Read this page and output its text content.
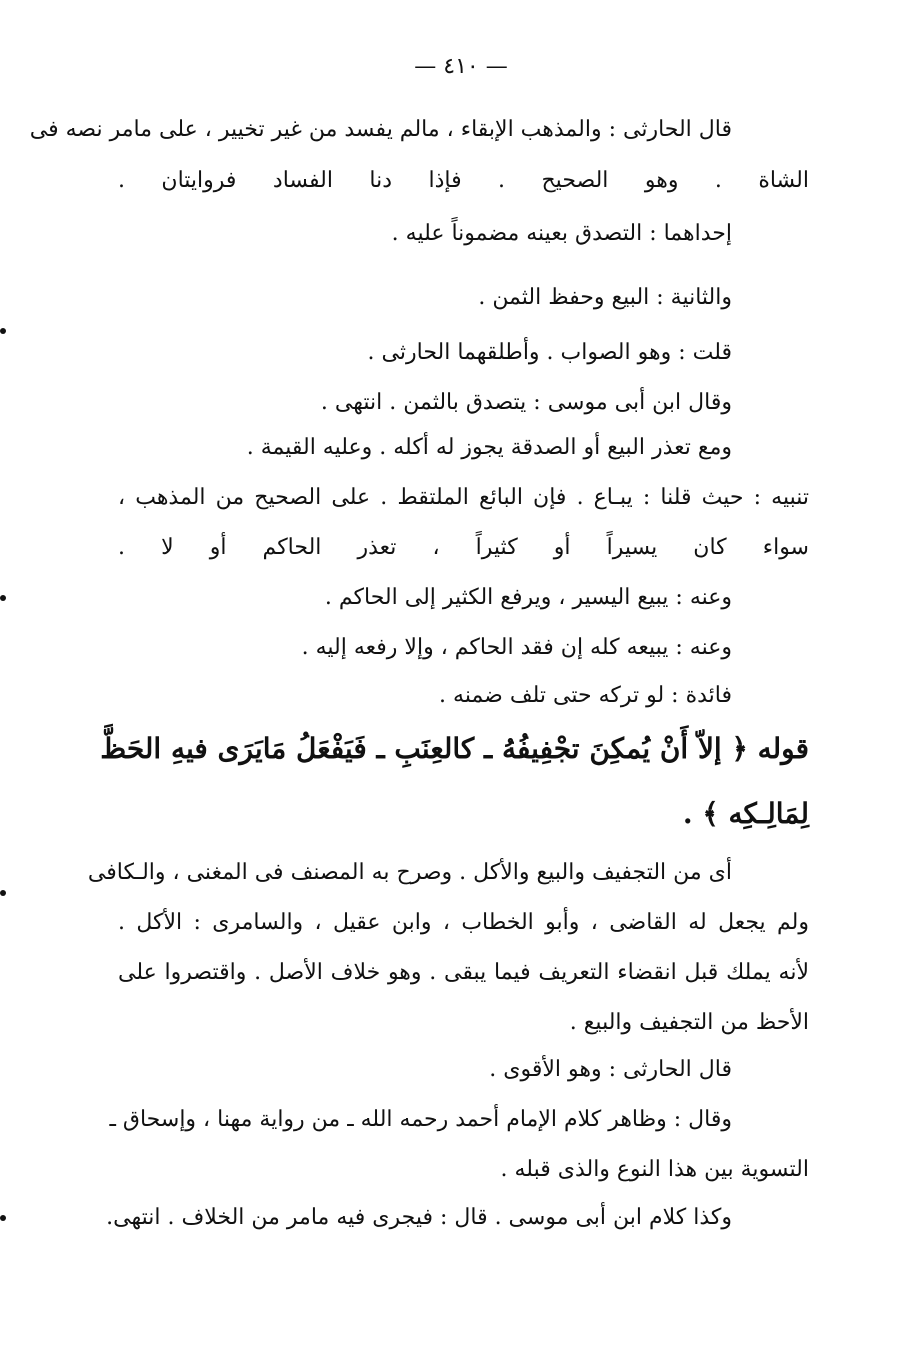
— ٤١٠ —
قال الحارثى : والمذهب الإبقاء ، مالم يفسد من غير تخيير ، على مامر نصه فى
الشاة . وهو الصحيح . فإذا دنا الفساد فروايتان .
إحداهما : التصدق بعينه مضموناً عليه .
والثانية : البيع وحفظ الثمن .
قلت : وهو الصواب . وأطلقهما الحارثى .
وقال ابن أبى موسى : يتصدق بالثمن . انتهى .
ومع تعذر البيع أو الصدقة يجوز له أكله . وعليه القيمة .
تنبيه : حيث قلنا : يبـاع . فإن البائع الملتقط . على الصحيح من المذهب ،
سواء كان يسيراً أو كثيراً ، تعذر الحاكم أو لا .
وعنه : يبيع اليسير ، ويرفع الكثير إلى الحاكم .
وعنه : يبيعه كله إن فقد الحاكم ، وإلا رفعه إليه .
فائدة : لو تركه حتى تلف ضمنه .
قوله ﴿ إلاّ أَنْ يُمكِنَ تجْفِيفُهُ ـ كالعِنَبِ ـ فَيَفْعَلُ مَايَرَى فيهِ الحَظَّ
لِمَالِـكِه ﴾ .
أى من التجفيف والبيع والأكل . وصرح به المصنف فى المغنى ، والـكافى
ولم يجعل له القاضى ، وأبو الخطاب ، وابن عقيل ، والسامرى : الأكل .
لأنه يملك قبل انقضاء التعريف فيما يبقى . وهو خلاف الأصل . واقتصروا على
الأحظ من التجفيف والبيع .
قال الحارثى : وهو الأقوى .
وقال : وظاهر كلام الإمام أحمد رحمه الله ـ من رواية مهنا ، وإسحاق ـ
التسوية بين هذا النوع والذى قبله .
وكذا كلام ابن أبى موسى . قال : فيجرى فيه مامر من الخلاف . انتهى.
